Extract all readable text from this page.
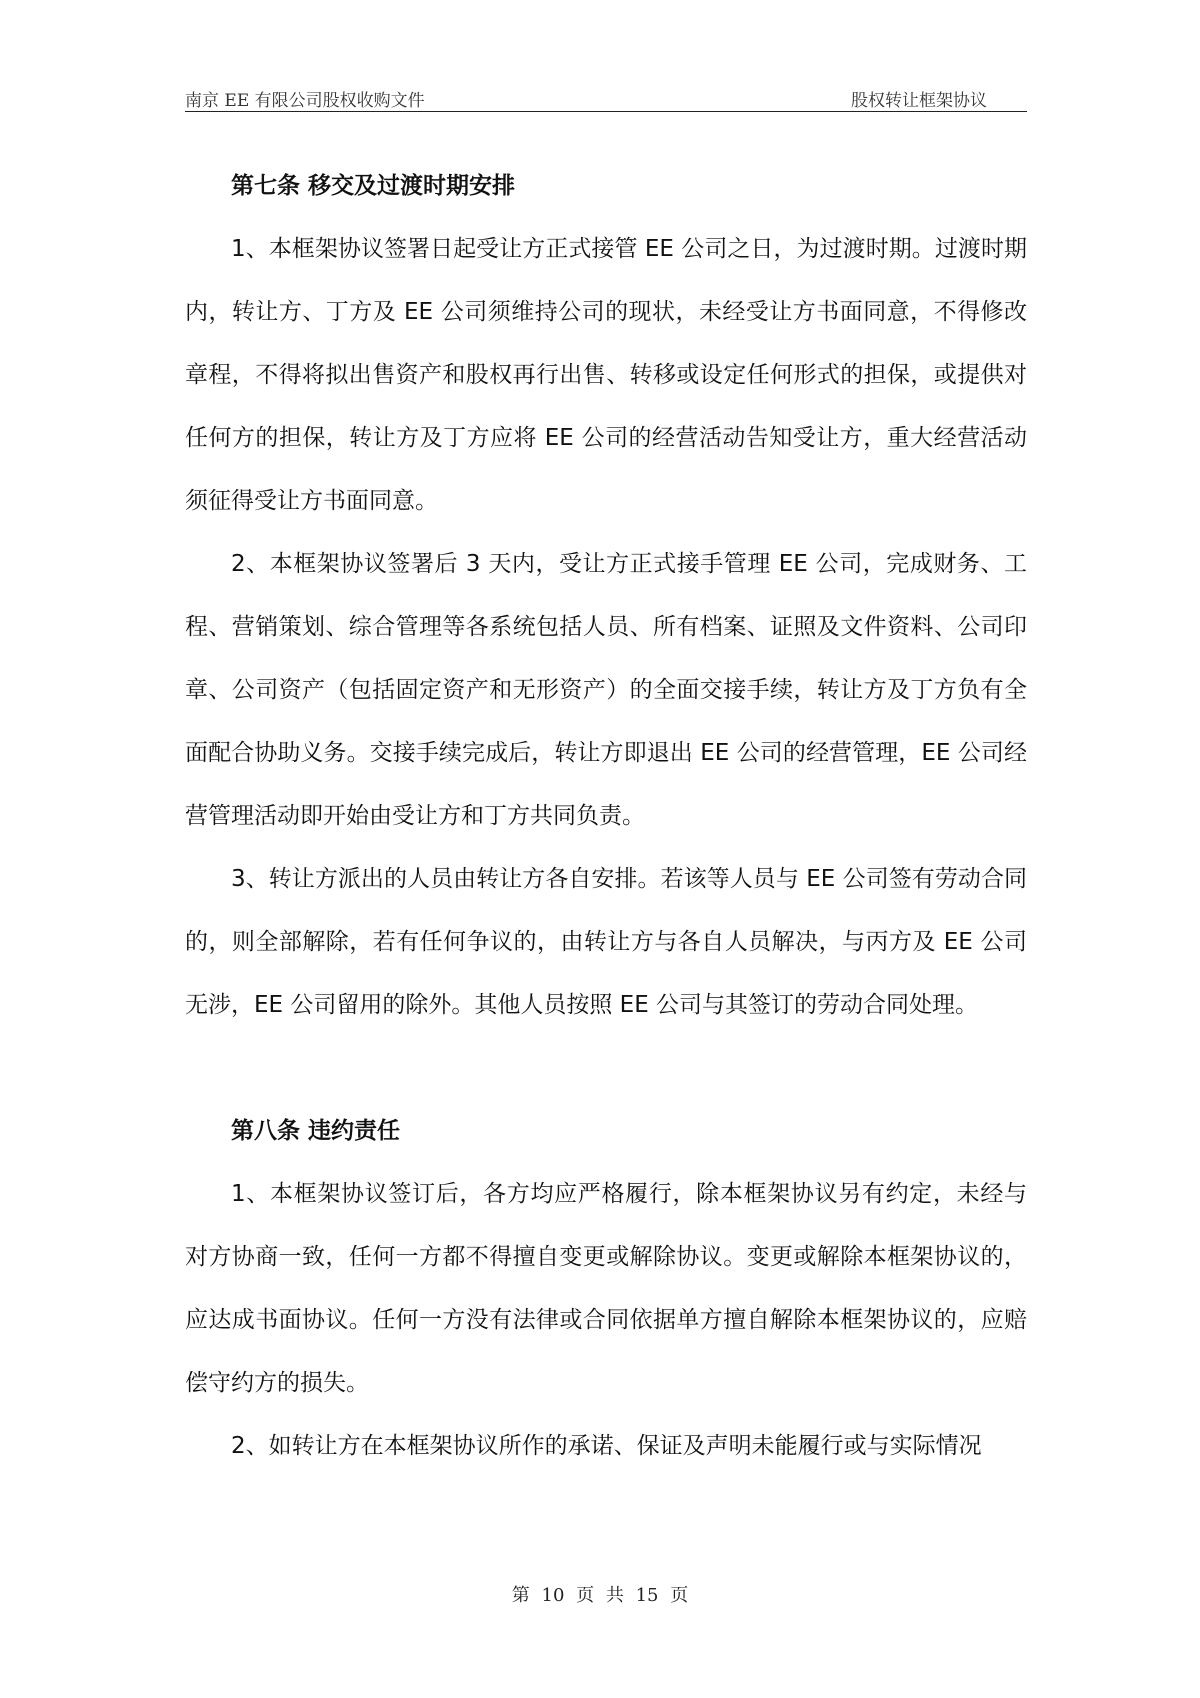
南京 EE 有限公司股权收购文件	股权转让框架协议

第七条 移交及过渡时期安排

1、本框架协议签署日起受让方正式接管 EE 公司之日，为过渡时期。过渡时期内，转让方、丁方及 EE 公司须维持公司的现状，未经受让方书面同意，不得修改章程，不得将拟出售资产和股权再行出售、转移或设定任何形式的担保，或提供对任何方的担保，转让方及丁方应将 EE 公司的经营活动告知受让方，重大经营活动须征得受让方书面同意。

2、本框架协议签署后 3 天内，受让方正式接手管理 EE 公司，完成财务、工程、营销策划、综合管理等各系统包括人员、所有档案、证照及文件资料、公司印章、公司资产（包括固定资产和无形资产）的全面交接手续，转让方及丁方负有全面配合协助义务。交接手续完成后，转让方即退出 EE 公司的经营管理，EE 公司经营管理活动即开始由受让方和丁方共同负责。

3、转让方派出的人员由转让方各自安排。若该等人员与 EE 公司签有劳动合同的，则全部解除，若有任何争议的，由转让方与各自人员解决，与丙方及 EE 公司无涉，EE 公司留用的除外。其他人员按照 EE 公司与其签订的劳动合同处理。

第八条 违约责任

1、本框架协议签订后，各方均应严格履行，除本框架协议另有约定，未经与对方协商一致，任何一方都不得擅自变更或解除协议。变更或解除本框架协议的，应达成书面协议。任何一方没有法律或合同依据单方擅自解除本框架协议的，应赔偿守约方的损失。

2、如转让方在本框架协议所作的承诺、保证及声明未能履行或与实际情况

第 10 页 共 15 页
